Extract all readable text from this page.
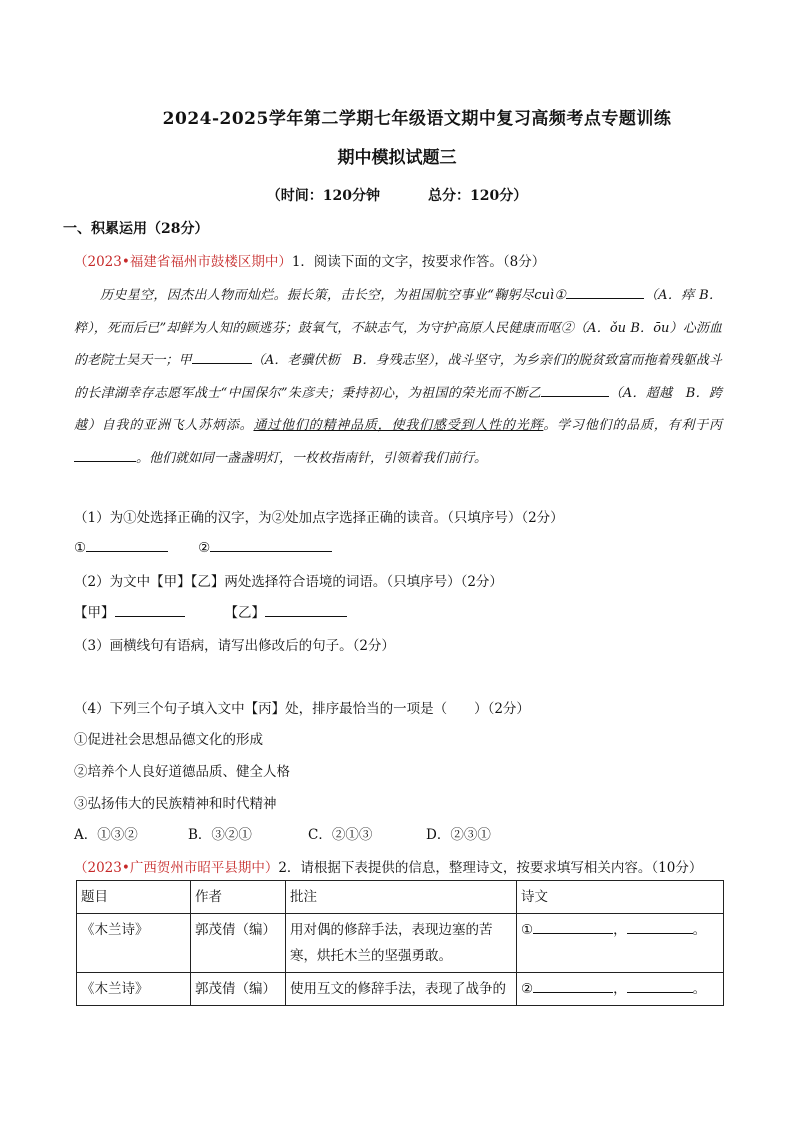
2024-2025学年第二学期七年级语文期中复习高频考点专题训练
期中模拟试题三
（时间：120分钟	总分：120分）
一、积累运用（28分）
（2023•福建省福州市鼓楼区期中）1．阅读下面的文字，按要求作答。（8分）
历史星空，因杰出人物而灿烂。振长策，击长空，为祖国航空事业“鞠躬尽cuì①	（A．瘁 B．粹），死而后已”却鲜为人知的顾逃芬；鼓氧气，不缺志气，为守护高原人民健康而呕②（A．ǒu B．ōu）心沥血的老院士吴天一；甲	（A．老骥伏枥　B．身残志坚），战斗坚守，为乡亲们的脱贫致富而拖着残躯战斗的长津湖幸存志愿军战士“中国保尔”朱彦夫；秉持初心，为祖国的荣光而不断乙	（A．超越　B．跨越）自我的亚洲飞人苏炳添。通过他们的精神品质，使我们感受到人性的光辉。学习他们的品质，有利于丙。他们就如同一盏盏明灯，一枚枚指南针，引领着我们前行。
（1）为①处选择正确的汉字，为②处加点字选择正确的读音。（只填序号）（2分）
①	②
（2）为文中【甲】【乙】两处选择符合语境的词语。（只填序号）（2分）
【甲】	【乙】
（3）画横线句有语病，请写出修改后的句子。（2分）
（4）下列三个句子填入文中【丙】处，排序最恰当的一项是（　　）（2分）
①促进社会思想品德文化的形成
②培养个人良好道德品质、健全人格
③弘扬伟大的民族精神和时代精神
A．①③②	B．③②①	C．②①③	D．②③①
（2023•广西贺州市昭平县期中）2．请根据下表提供的信息，整理诗文，按要求填写相关内容。（10分）
题目	作者	批注	诗文
《木兰诗》	郭茂倩（编）	用对偶的修辞手法，表现边塞的苦寒，烘托木兰的坚强勇敢。	① ， 。
《木兰诗》	郭茂倩（编）	使用互文的修辞手法，表现了战争的	② ， 。
